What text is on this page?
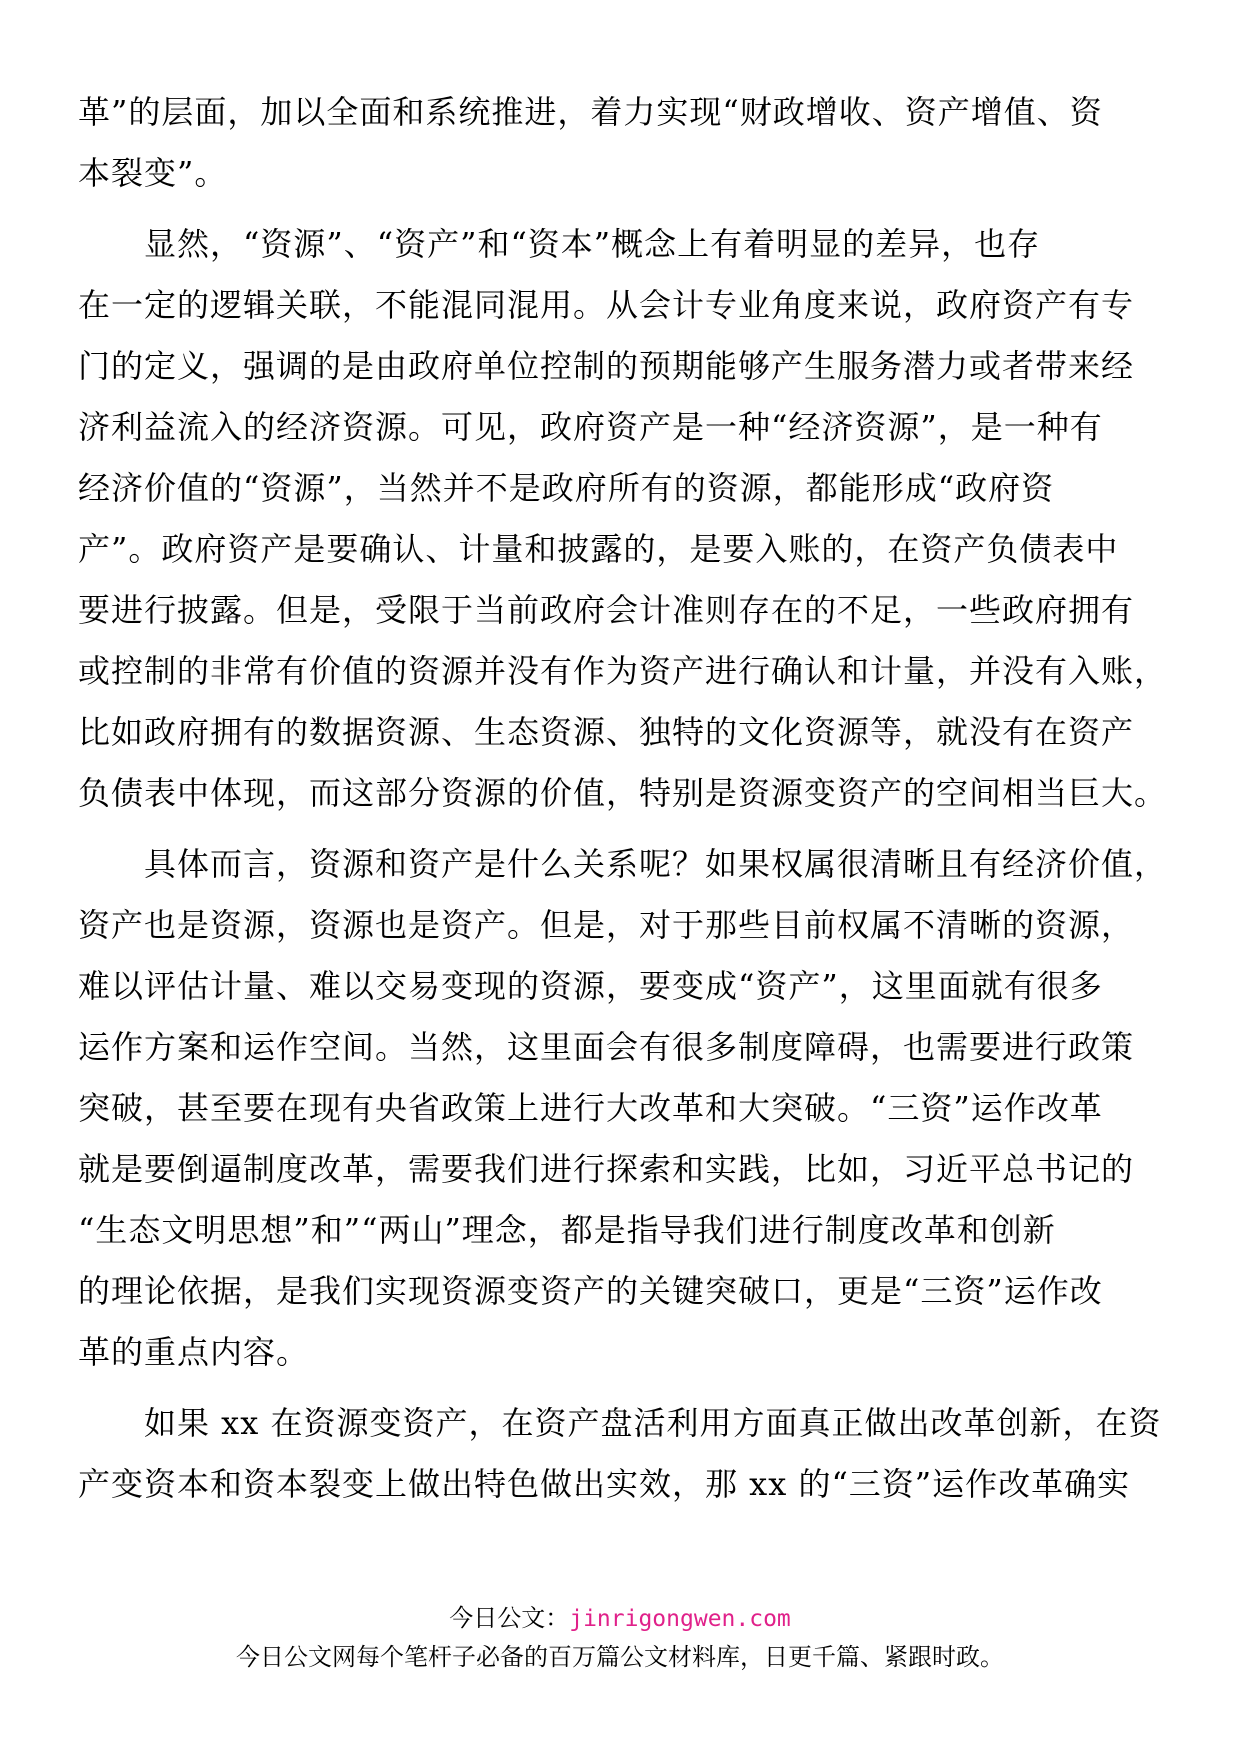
革”的层面，加以全面和系统推进，着力实现“财政增收、资产增值、资
本裂变”。
显然，“资源”、“资产”和“资本”概念上有着明显的差异，也存
在一定的逻辑关联，不能混同混用。从会计专业角度来说，政府资产有专
门的定义，强调的是由政府单位控制的预期能够产生服务潜力或者带来经
济利益流入的经济资源。可见，政府资产是一种“经济资源”，是一种有
经济价值的“资源”，当然并不是政府所有的资源，都能形成“政府资
产”。政府资产是要确认、计量和披露的，是要入账的，在资产负债表中
要进行披露。但是，受限于当前政府会计准则存在的不足，一些政府拥有
或控制的非常有价值的资源并没有作为资产进行确认和计量，并没有入账，
比如政府拥有的数据资源、生态资源、独特的文化资源等，就没有在资产
负债表中体现，而这部分资源的价值，特别是资源变资产的空间相当巨大。
具体而言，资源和资产是什么关系呢？如果权属很清晰且有经济价值，
资产也是资源，资源也是资产。但是，对于那些目前权属不清晰的资源，
难以评估计量、难以交易变现的资源，要变成“资产”，这里面就有很多
运作方案和运作空间。当然，这里面会有很多制度障碍，也需要进行政策
突破，甚至要在现有央省政策上进行大改革和大突破。“三资”运作改革
就是要倒逼制度改革，需要我们进行探索和实践，比如，习近平总书记的
“生态文明思想”和”“两山”理念，都是指导我们进行制度改革和创新
的理论依据，是我们实现资源变资产的关键突破口，更是“三资”运作改
革的重点内容。
如果 xx 在资源变资产，在资产盘活利用方面真正做出改革创新，在资
产变资本和资本裂变上做出特色做出实效，那 xx 的“三资”运作改革确实
今日公文：jinrigongwen.com
今日公文网每个笔杆子必备的百万篇公文材料库，日更千篇、紧跟时政。
